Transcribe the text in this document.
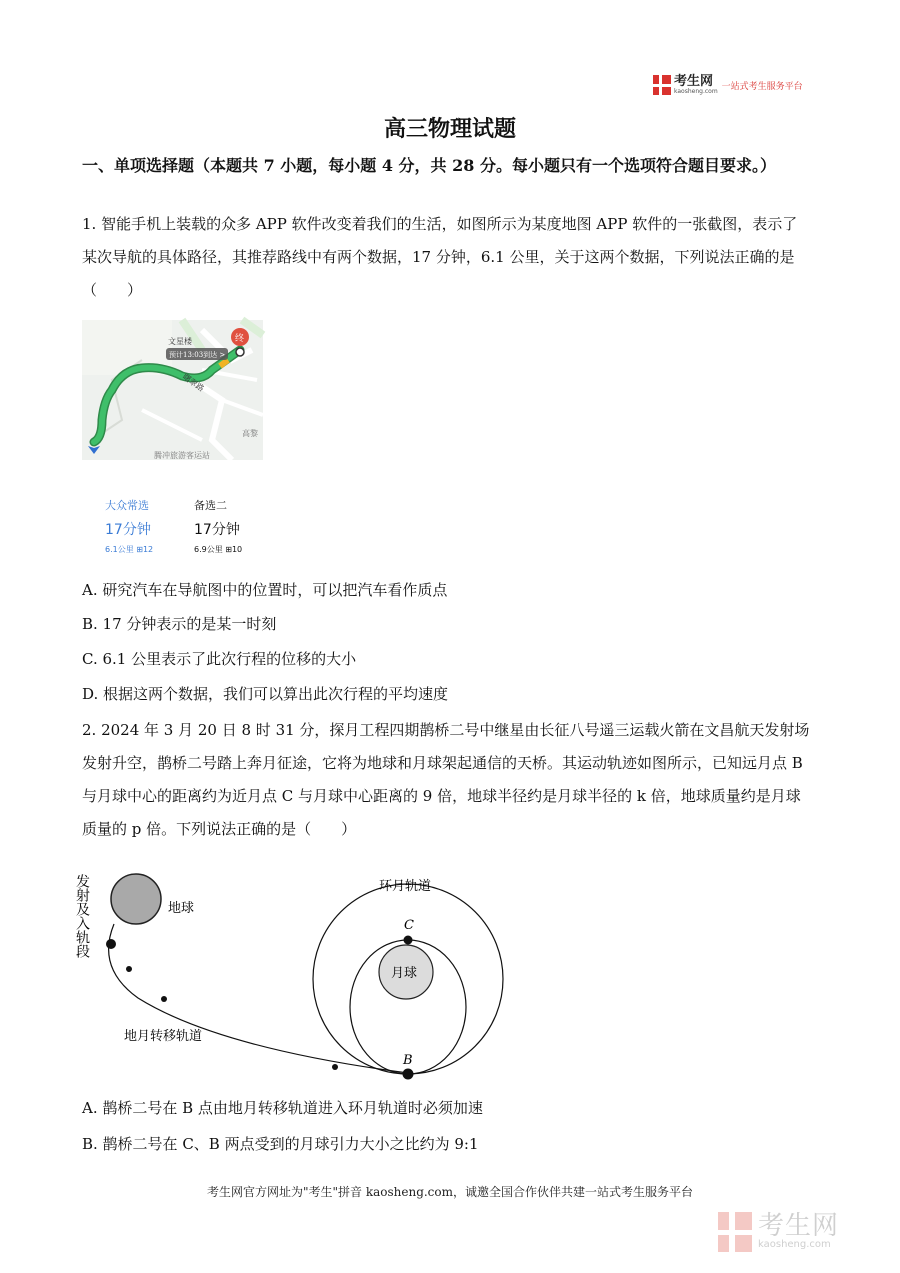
考生网
kaosheng.com 一站式考生服务平台
高三物理试题
一、单项选择题（本题共 7 小题，每小题 4 分，共 28 分。每小题只有一个选项符合题目要求。）
1. 智能手机上装载的众多 APP 软件改变着我们的生活，如图所示为某度地图 APP 软件的一张截图，表示了某次导航的具体路径，其推荐路线中有两个数据，17 分钟，6.1 公里，关于这两个数据，下列说法正确的是（　　）
预计13:03到达 >
文星楼
曙翠路
高黎
腾冲旅游客运站
终
大众常选
17分钟
6.1公里 ⊞12
备选二
17分钟
6.9公里 ⊞10
A. 研究汽车在导航图中的位置时，可以把汽车看作质点
B. 17 分钟表示的是某一时刻
C. 6.1 公里表示了此次行程的位移的大小
D. 根据这两个数据，我们可以算出此次行程的平均速度
2. 2024 年 3 月 20 日 8 时 31 分，探月工程四期鹊桥二号中继星由长征八号遥三运载火箭在文昌航天发射场发射升空，鹊桥二号踏上奔月征途，它将为地球和月球架起通信的天桥。其运动轨迹如图所示，已知远月点 B 与月球中心的距离约为近月点 C 与月球中心距离的 9 倍，地球半径约是月球半径的 k 倍，地球质量约是月球质量的 p 倍。下列说法正确的是（　　）
发射及入轨段	地球
地月转移轨道
环月轨道
月球
C
B
A. 鹊桥二号在 B 点由地月转移轨道进入环月轨道时必须加速
B. 鹊桥二号在 C、B 两点受到的月球引力大小之比约为 9:1
考生网官方网址为"考生"拼音 kaosheng.com，诚邀全国合作伙伴共建一站式考生服务平台
考生网
kaosheng.com
